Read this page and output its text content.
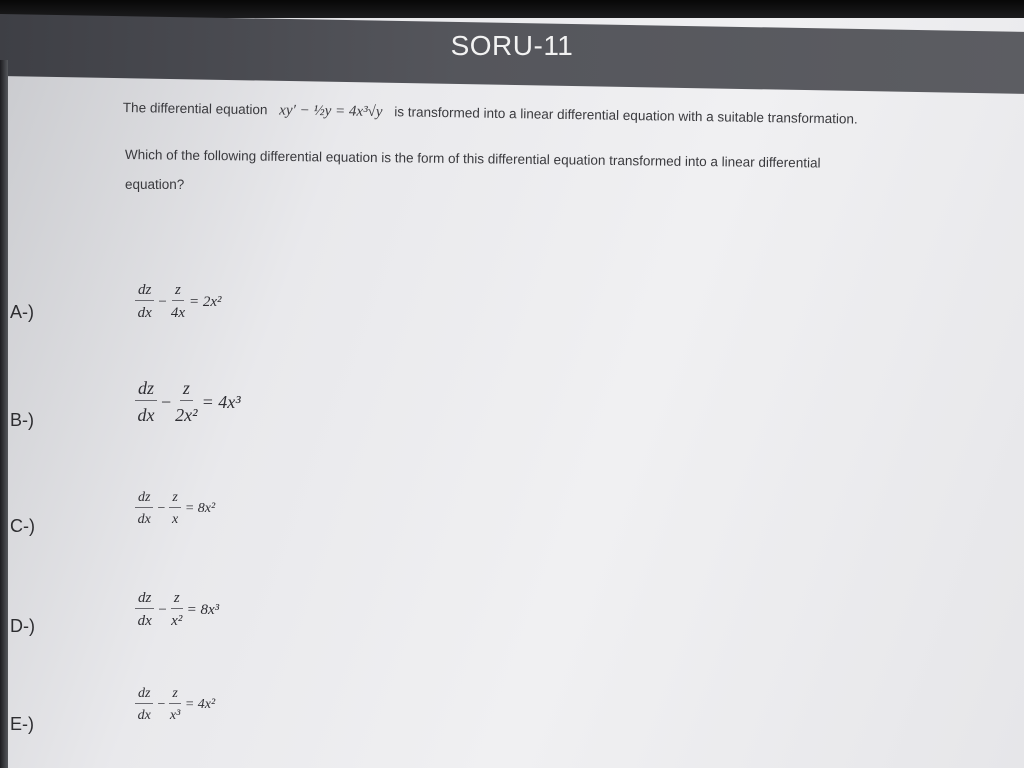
SORU-11
The differential equation xy′ − ½y = 4x³√y is transformed into a linear differential equation with a suitable transformation.
Which of the following differential equation is the form of this differential equation transformed into a linear differential
equation?
A-)	$\frac{dz}{dx} - \frac{z}{4x} = 2x^2$
B-)	$\frac{dz}{dx} - \frac{z}{\text{2x²}} = 4x^3$
C-)	$\frac{dz}{dx} - \frac{z}{x} = 8x^2$
D-)	$\frac{dz}{dx} - \frac{z}{\text{x²}} = 8x^3$
E-)	$\frac{dz}{dx} - \frac{z}{\text{x³}} = 4x^2$
